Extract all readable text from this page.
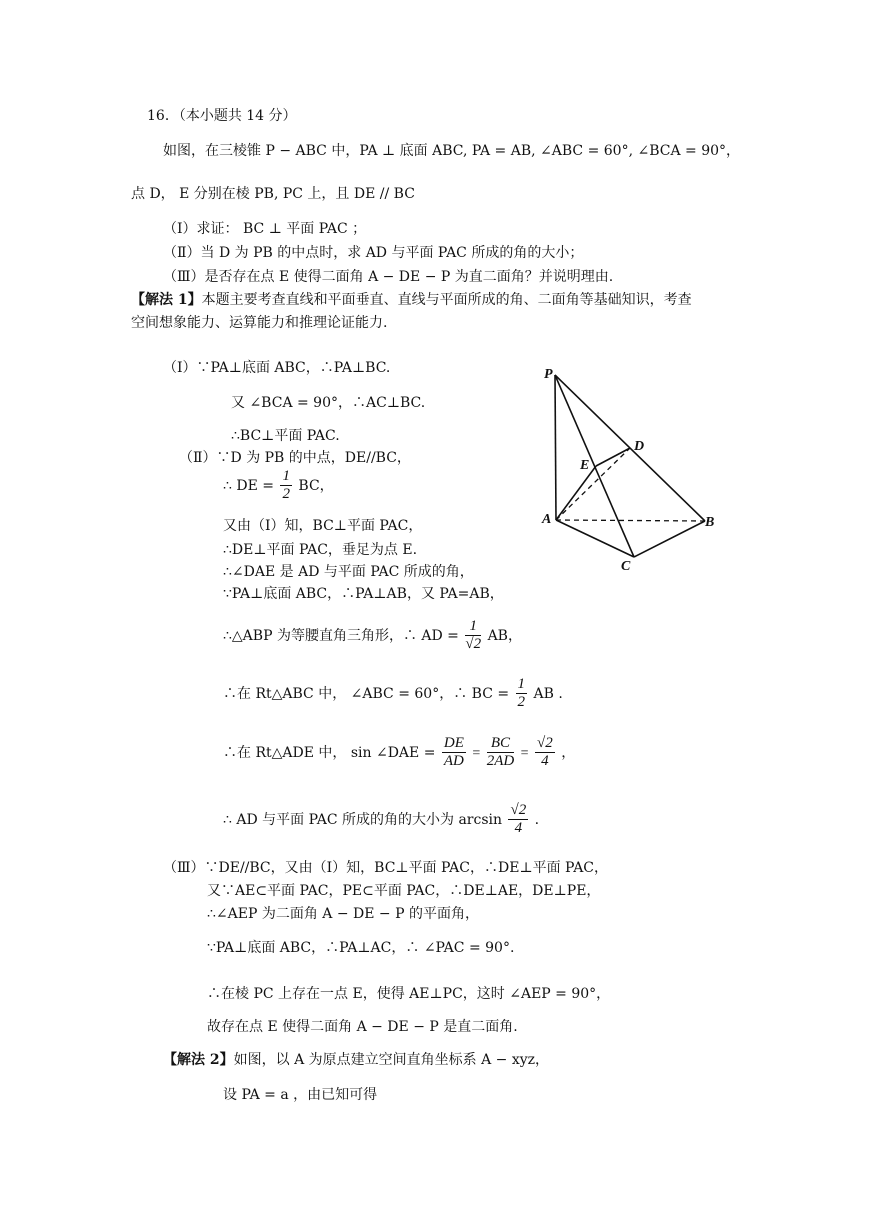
16．（本小题共 14 分）
如图，在三棱锥 P − ABC 中，PA ⊥ 底面 ABC, PA = AB, ∠ABC = 60°, ∠BCA = 90°，
点 D， E 分别在棱 PB, PC 上，且 DE // BC
（Ⅰ）求证： BC ⊥ 平面 PAC ；
（Ⅱ）当 D 为 PB 的中点时，求 AD 与平面 PAC 所成的角的大小；
（Ⅲ）是否存在点 E 使得二面角 A − DE − P 为直二面角？并说明理由.
【解法 1】本题主要考查直线和平面垂直、直线与平面所成的角、二面角等基础知识，考查
空间想象能力、运算能力和推理论证能力.
（Ⅰ）∵PA⊥底面 ABC，∴PA⊥BC.
又 ∠BCA = 90°，∴AC⊥BC.
∴BC⊥平面 PAC.
（Ⅱ）∵D 为 PB 的中点，DE//BC，
∴ DE = $\frac{1}{2}$ BC，
又由（Ⅰ）知，BC⊥平面 PAC，
∴DE⊥平面 PAC，垂足为点 E.
∴∠DAE 是 AD 与平面 PAC 所成的角，
∵PA⊥底面 ABC，∴PA⊥AB，又 PA=AB，
∴△ABP 为等腰直角三角形，∴ AD = $\frac{1}{√2}$ AB，
∴在 Rt△ABC 中， ∠ABC = 60°，∴ BC = $\frac{1}{2}$ AB .
∴在 Rt△ADE 中， sin ∠DAE = $\frac{DE}{AD} = \frac{BC}{2AD} = \frac{√2}{4}$ ，
∴ AD 与平面 PAC 所成的角的大小为 $\arcsin \frac{√2}{4}$ .
（Ⅲ）∵DE//BC，又由（Ⅰ）知，BC⊥平面 PAC，∴DE⊥平面 PAC，
又∵AE⊂平面 PAC，PE⊂平面 PAC，∴DE⊥AE，DE⊥PE，
∴∠AEP 为二面角 A − DE − P 的平面角，
∵PA⊥底面 ABC，∴PA⊥AC，∴ ∠PAC = 90°.
∴在棱 PC 上存在一点 E，使得 AE⊥PC，这时 ∠AEP = 90°，
故存在点 E 使得二面角 A − DE − P 是直二面角.
【解法 2】如图，以 A 为原点建立空间直角坐标系 A − xyz，
设 PA = a ，由已知可得
P
D
E
A	B
C
